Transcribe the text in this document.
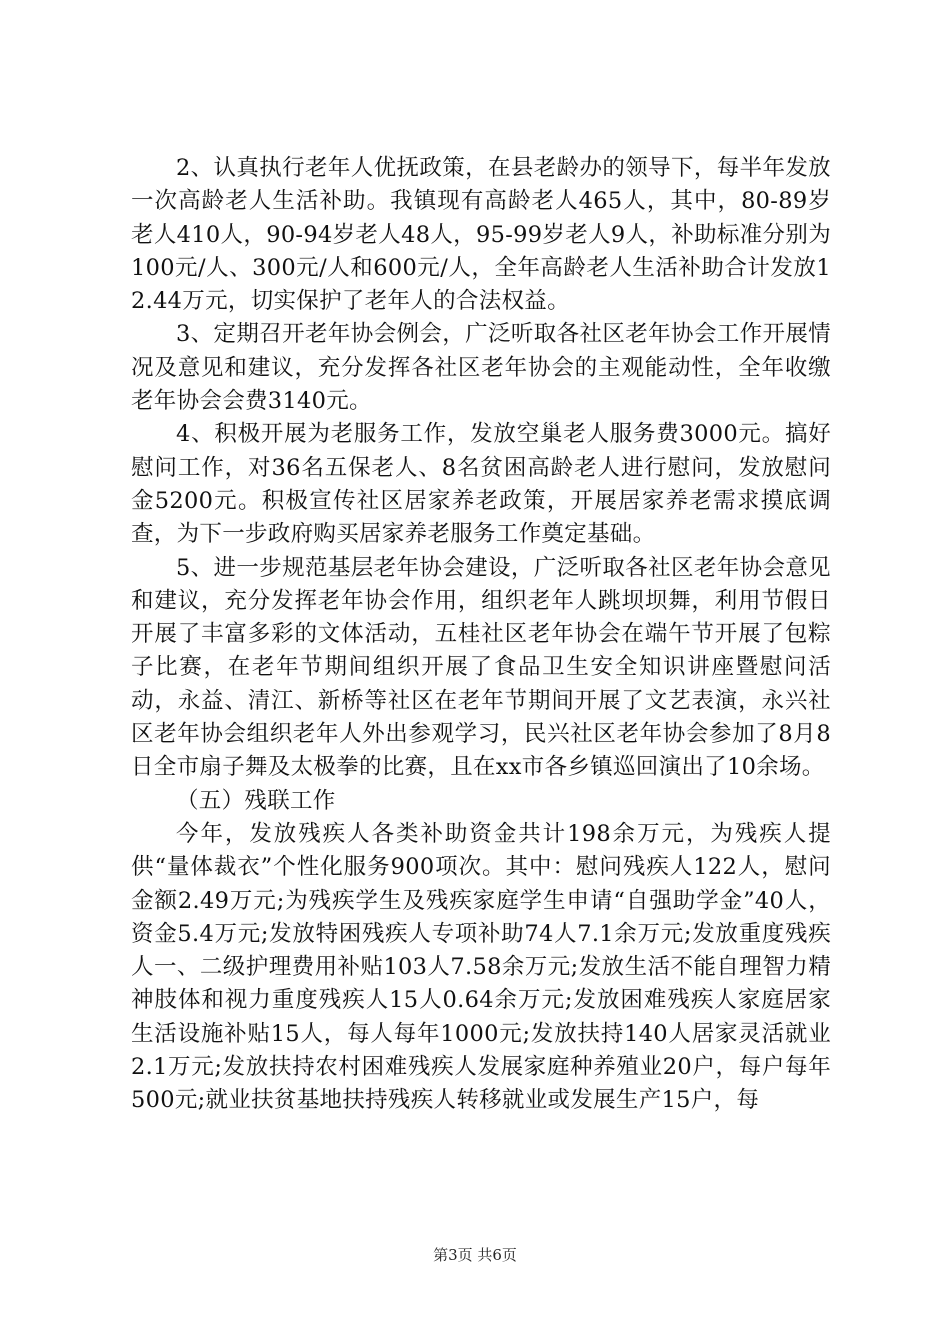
2、认真执行老年人优抚政策，在县老龄办的领导下，每半年发放一次高龄老人生活补助。我镇现有高龄老人465人，其中，80-89岁老人410人，90-94岁老人48人，95-99岁老人9人，补助标准分别为100元/人、300元/人和600元/人，全年高龄老人生活补助合计发放12.44万元，切实保护了老年人的合法权益。

3、定期召开老年协会例会，广泛听取各社区老年协会工作开展情况及意见和建议，充分发挥各社区老年协会的主观能动性，全年收缴老年协会会费3140元。

4、积极开展为老服务工作，发放空巢老人服务费3000元。搞好慰问工作，对36名五保老人、8名贫困高龄老人进行慰问，发放慰问金5200元。积极宣传社区居家养老政策，开展居家养老需求摸底调查，为下一步政府购买居家养老服务工作奠定基础。

5、进一步规范基层老年协会建设，广泛听取各社区老年协会意见和建议，充分发挥老年协会作用，组织老年人跳坝坝舞，利用节假日开展了丰富多彩的文体活动，五桂社区老年协会在端午节开展了包粽子比赛，在老年节期间组织开展了食品卫生安全知识讲座暨慰问活动，永益、清江、新桥等社区在老年节期间开展了文艺表演，永兴社区老年协会组织老年人外出参观学习，民兴社区老年协会参加了8月8日全市扇子舞及太极拳的比赛，且在xx市各乡镇巡回演出了10余场。

（五）残联工作

今年，发放残疾人各类补助资金共计198余万元，为残疾人提供“量体裁衣”个性化服务900项次。其中：慰问残疾人122人，慰问金额2.49万元;为残疾学生及残疾家庭学生申请“自强助学金”40人，资金5.4万元;发放特困残疾人专项补助74人7.1余万元;发放重度残疾人一、二级护理费用补贴103人7.58余万元;发放生活不能自理智力精神肢体和视力重度残疾人15人0.64余万元;发放困难残疾人家庭居家生活设施补贴15人，每人每年1000元;发放扶持140人居家灵活就业2.1万元;发放扶持农村困难残疾人发展家庭种养殖业20户，每户每年500元;就业扶贫基地扶持残疾人转移就业或发展生产15户，每

第3页 共6页
